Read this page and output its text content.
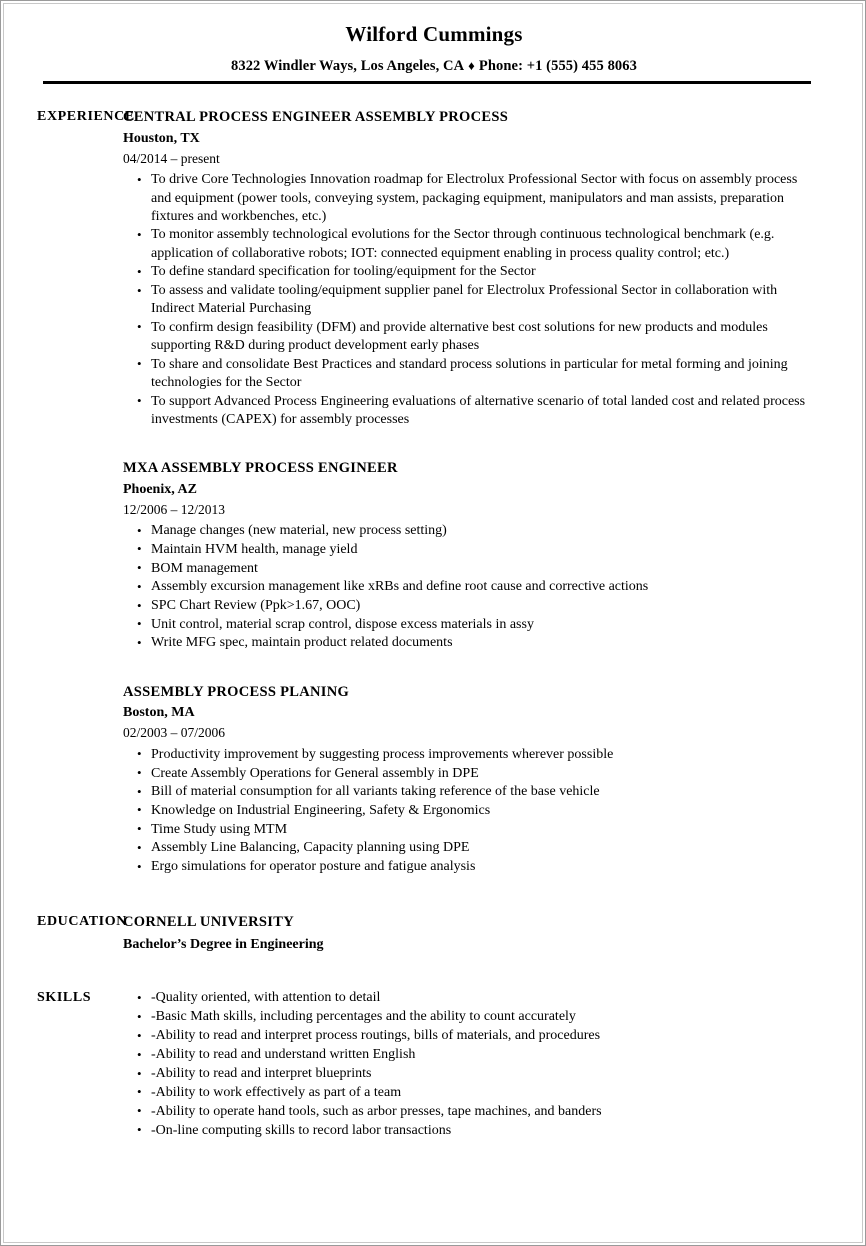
Wilford Cummings
8322 Windler Ways, Los Angeles, CA ♦ Phone: +1 (555) 455 8063
EXPERIENCE
CENTRAL PROCESS ENGINEER ASSEMBLY PROCESS
Houston, TX
04/2014 – present
• To drive Core Technologies Innovation roadmap for Electrolux Professional Sector with focus on assembly process and equipment (power tools, conveying system, packaging equipment, manipulators and man assists, preparation fixtures and workbenches, etc.)
• To monitor assembly technological evolutions for the Sector through continuous technological benchmark (e.g. application of collaborative robots; IOT: connected equipment enabling in process quality control; etc.)
• To define standard specification for tooling/equipment for the Sector
• To assess and validate tooling/equipment supplier panel for Electrolux Professional Sector in collaboration with Indirect Material Purchasing
• To confirm design feasibility (DFM) and provide alternative best cost solutions for new products and modules supporting R&D during product development early phases
• To share and consolidate Best Practices and standard process solutions in particular for metal forming and joining technologies for the Sector
• To support Advanced Process Engineering evaluations of alternative scenario of total landed cost and related process investments (CAPEX) for assembly processes
MXA ASSEMBLY PROCESS ENGINEER
Phoenix, AZ
12/2006 – 12/2013
• Manage changes (new material, new process setting)
• Maintain HVM health, manage yield
• BOM management
• Assembly excursion management like xRBs and define root cause and corrective actions
• SPC Chart Review (Ppk>1.67, OOC)
• Unit control, material scrap control, dispose excess materials in assy
• Write MFG spec, maintain product related documents
ASSEMBLY PROCESS PLANING
Boston, MA
02/2003 – 07/2006
• Productivity improvement by suggesting process improvements wherever possible
• Create Assembly Operations for General assembly in DPE
• Bill of material consumption for all variants taking reference of the base vehicle
• Knowledge on Industrial Engineering, Safety & Ergonomics
• Time Study using MTM
• Assembly Line Balancing, Capacity planning using DPE
• Ergo simulations for operator posture and fatigue analysis
EDUCATION
CORNELL UNIVERSITY
Bachelor’s Degree in Engineering
SKILLS	• -Quality oriented, with attention to detail
• -Basic Math skills, including percentages and the ability to count accurately
• -Ability to read and interpret process routings, bills of materials, and procedures
• -Ability to read and understand written English
• -Ability to read and interpret blueprints
• -Ability to work effectively as part of a team
• -Ability to operate hand tools, such as arbor presses, tape machines, and banders
• -On-line computing skills to record labor transactions
